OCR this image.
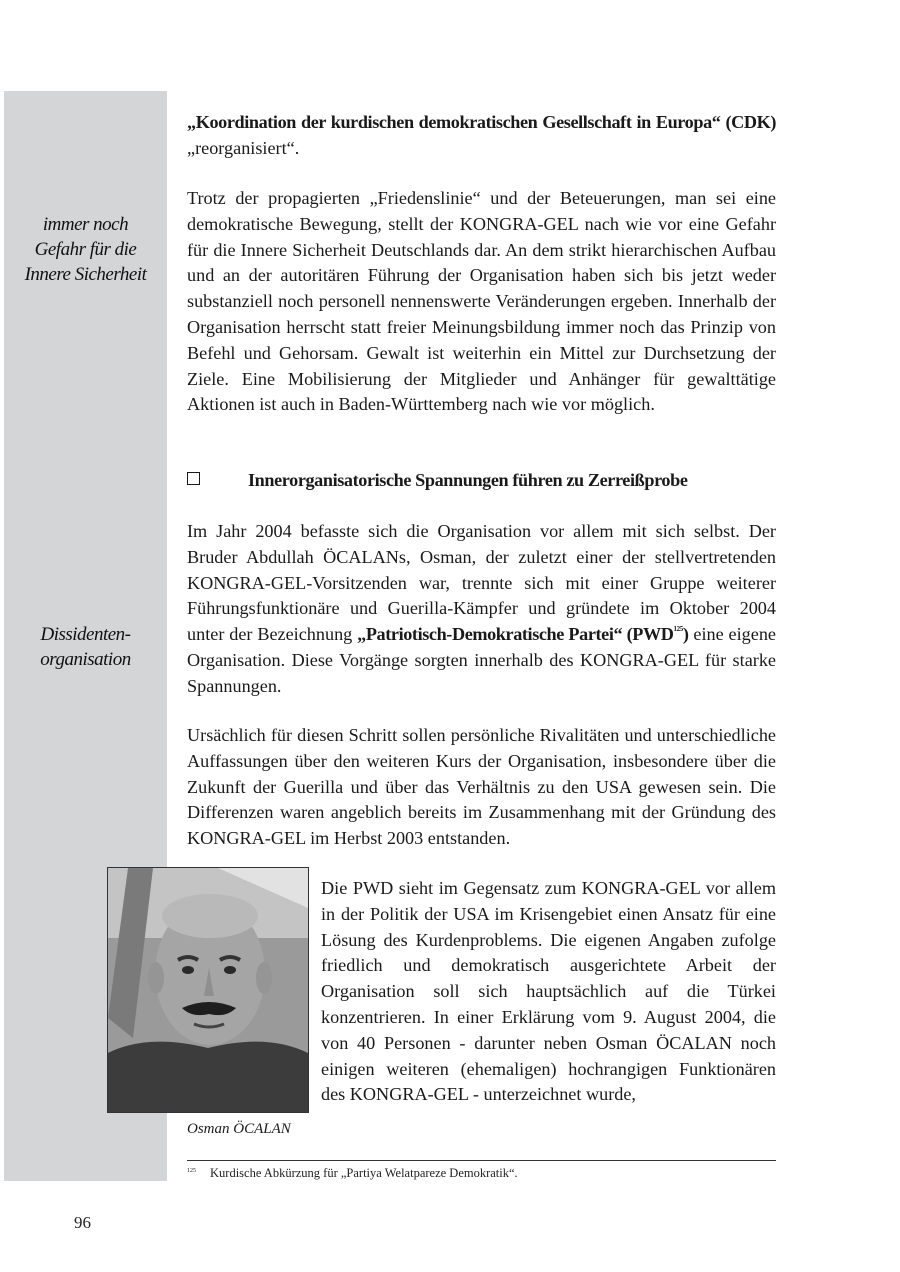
immer noch
Gefahr für die
Innere Sicherheit
Dissidenten-
organisation

„Koordination der kurdischen demokratischen Gesellschaft in Europa“ (CDK) „reorganisiert“.

Trotz der propagierten „Friedenslinie“ und der Beteuerungen, man sei eine demokratische Bewegung, stellt der KONGRA-GEL nach wie vor eine Gefahr für die Innere Sicherheit Deutschlands dar. An dem strikt hierarchischen Aufbau und an der autoritären Führung der Organisation haben sich bis jetzt weder substanziell noch personell nennenswerte Veränderungen ergeben. Innerhalb der Organisation herrscht statt freier Meinungsbildung immer noch das Prinzip von Befehl und Gehorsam. Gewalt ist weiterhin ein Mittel zur Durchsetzung der Ziele. Eine Mobilisierung der Mitglieder und Anhänger für gewalttätige Aktionen ist auch in Baden-Württemberg nach wie vor möglich.

Innerorganisatorische Spannungen führen zu Zerreißprobe

Im Jahr 2004 befasste sich die Organisation vor allem mit sich selbst. Der Bruder Abdullah ÖCALANs, Osman, der zuletzt einer der stellvertretenden KONGRA-GEL-Vorsitzenden war, trennte sich mit einer Gruppe weiterer Führungsfunktionäre und Guerilla-Kämpfer und gründete im Oktober 2004 unter der Bezeichnung „Patriotisch-Demokratische Partei“ (PWD$^{125}$) eine eigene Organisation. Diese Vorgänge sorgten innerhalb des KONGRA-GEL für starke Spannungen.

Ursächlich für diesen Schritt sollen persönliche Rivalitäten und unterschiedliche Auffassungen über den weiteren Kurs der Organisation, insbesondere über die Zukunft der Guerilla und über das Verhältnis zu den USA gewesen sein. Die Differenzen waren angeblich bereits im Zusammenhang mit der Gründung des KONGRA-GEL im Herbst 2003 entstanden.

Osman ÖCALAN

Die PWD sieht im Gegensatz zum KONGRA-GEL vor allem in der Politik der USA im Krisengebiet einen Ansatz für eine Lösung des Kurdenproblems. Die eigenen Angaben zufolge friedlich und demokratisch ausgerichtete Arbeit der Organisation soll sich hauptsächlich auf die Türkei konzentrieren. In einer Erklärung vom 9. August 2004, die von 40 Personen - darunter neben Osman ÖCALAN noch einigen weiteren (ehemaligen) hochrangigen Funktionären des KONGRA-GEL - unterzeichnet wurde,

$^{125}$ Kurdische Abkürzung für „Partiya Welatpareze Demokratik“.
96
